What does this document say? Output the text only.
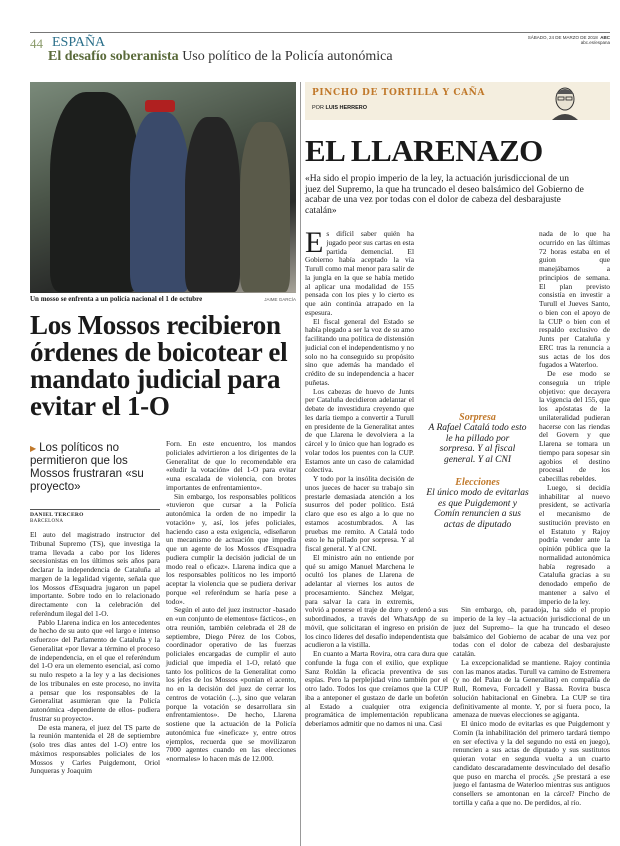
44 ESPAÑA
El desafío soberanista Uso político de la Policía autonómica
SÁBADO, 24 DE MARZO DE 2018 ABC
abc.es/espana
Un mosso se enfrenta a un policía nacional el 1 de octubre	JAIME GARCÍA
Los Mossos recibieron órdenes de boicotear el mandato judicial para evitar el 1-O
▶ Los políticos no permitieron que los Mossos frustraran «su proyecto»
DANIEL TERCERO
BARCELONA

El auto del magistrado instructor del Tribunal Supremo (TS), que investiga la trama llevada a cabo por los líderes secesionistas en los últimos seis años para declarar la independencia de Cataluña al margen de la legalidad vigente, señala que los Mossos d'Esquadra jugaron un papel importante. Sobre todo en lo relacionado directamente con la celebración del referéndum ilegal del 1-O.

Pablo Llarena indica en los antecedentes de hecho de su auto que «el largo e intenso esfuerzo» del Parlamento de Cataluña y la Generalitat «por llevar a término el proceso de independencia, en el que el referéndum del 1-O era un elemento esencial, así como su nulo respeto a la ley y a las decisiones de los tribunales en este proceso, no invita a pensar que los responsables de la Generalitat asumieran que la Policía autonómica -dependiente de ellos- pudiera frustrar su proyecto».

De esta manera, el juez del TS parte de la reunión mantenida el 28 de septiembre (solo tres días antes del 1-O) entre los máximos responsables policiales de los Mossos y Carles Puigdemont, Oriol Junqueras y Joaquim

Forn. En este encuentro, los mandos policiales advirtieron a los dirigentes de la Generalitat de que lo recomendable era «eludir la votación» del 1-O para evitar «una escalada de violencia, con brotes importantes de enfrentamiento».

Sin embargo, los responsables políticos «tuvieron que cursar a la Policía autonómica la orden de no impedir la votación» y, así, los jefes policiales, haciendo caso a esta exigencia, «diseñaron un mecanismo de actuación que impedía que un agente de los Mossos d'Esquadra pudiera cumplir la decisión judicial de un modo real o eficaz». Llarena indica que a los responsables políticos no les importó aceptar la violencia que se pudiera derivar porque «el referéndum se haría pese a todo».

Según el auto del juez instructor -basado en «un conjunto de elementos» fácticos-, en otra reunión, también celebrada el 28 de septiembre, Diego Pérez de los Cobos, coordinador operativo de las fuerzas policiales encargadas de cumplir el auto judicial que impedía el 1-O, relató que tanto los políticos de la Generalitat como los jefes de los Mossos «ponían el acento, no en la decisión del juez de cerrar los centros de votación (...), sino que velaran porque la votación se desarrollara sin enfrentamientos». De hecho, Llarena sostiene que la actuación de la Policía autonómica fue «ineficaz» y, entre otros ejemplos, recuerda que se movilizaron 7000 agentes cuando en las elecciones «normales» lo hacen más de 12.000.

PINCHO DE TORTILLA Y CAÑA
POR LUIS HERRERO
EL LLARENAZO
«Ha sido el propio imperio de la ley, la actuación jurisdiccional de un juez del Supremo, la que ha truncado el deseo balsámico del Gobierno de acabar de una vez por todas con el dolor de cabeza del desbarajuste catalán»

Es difícil saber quién ha jugado peor sus cartas en esta partida demencial. El Gobierno había aceptado la vía Turull como mal menor para salir de la jungla en la que se había metido al aplicar una modalidad de 155 pensada con los pies y lo cierto es que aún continúa atrapado en la espesura.

El fiscal general del Estado se había plegado a ser la voz de su amo facilitando una política de distensión judicial con el independentismo y no solo no ha conseguido su propósito sino que además ha mandado el crédito de su independencia a hacer puñetas.

Los cabezas de huevo de Junts per Cataluña decidieron adelantar el debate de investidura creyendo que les daría tiempo a convertir a Turull en presidente de la Generalitat antes de que Llarena le devolviera a la cárcel y lo único que han logrado es volar todos los puentes con la CUP. Estamos ante un caso de calamidad colectiva.

Y todo por la insólita decisión de unos jueces de hacer su trabajo sin prestarle demasiada atención a los susurros del poder político. Está claro que eso es algo a lo que no estamos acostumbrados. A las pruebas me remito. A Catalá todo esto le ha pillado por sorpresa. Y al fiscal general. Y al CNI.

El ministro aún no entiende por qué su amigo Manuel Marchena le ocultó los planes de Llarena de adelantar al viernes los autos de procesamiento. Sánchez Melgar, para salvar la cara in extremis, volvió a ponerse el traje de duro y ordenó a sus subordinados, a través del WhatsApp de su móvil, que solicitaran el ingreso en prisión de los cinco líderes del desafío independentista que acudieron a la vistilla.

En cuanto a Marta Rovira, otra cara dura que confunde la fuga con el exilio, que explique Sanz Roldán la eficacia preventiva de sus espías. Pero la perplejidad vino también por el otro lado. Todos los que creíamos que la CUP iba a anteponer el gustazo de darle un bofetón al Estado a cualquier otra exigencia programática de implementación republicana deberíamos admitir que no damos ni una. Casi

nada de lo que ha ocurrido en las últimas 72 horas estaba en el guion que manejábamos a principios de semana. El plan previsto consistía en investir a Turull el Jueves Santo, o bien con el apoyo de la CUP o bien con el respaldo exclusivo de Junts per Cataluña y ERC tras la renuncia a sus actas de los dos fugados a Waterloo.

De ese modo se conseguía un triple objetivo: que decayera la vigencia del 155, que los apóstatas de la unilateralidad pudieran hacerse con las riendas del Govern y que Llarena se tomara un tiempo para sopesar sin agobios el destino procesal de los cabecillas rebeldes.

Luego, si decidía inhabilitar al nuevo president, se activaría el mecanismo de sustitución previsto en el Estatuto y Rajoy podría vender ante la opinión pública que la normalidad autonómica había regresado a Cataluña gracias a su denodado empeño de mantener a salvo el imperio de la ley.

Sin embargo, oh, paradoja, ha sido el propio imperio de la ley –la actuación jurisdiccional de un juez del Supremo– la que ha truncado el deseo balsámico del Gobierno de acabar de una vez por todas con el dolor de cabeza del desbarajuste catalán.

La excepcionalidad se mantiene. Rajoy continúa con las manos atadas. Turull va camino de Estremera (y no del Palau de la Generalitat) en compañía de Rull, Romeva, Forcadell y Bassa. Rovira busca solución habitacional en Ginebra. La CUP se tira definitivamente al monte. Y, por si fuera poco, la amenaza de nuevas elecciones se agiganta.

El único modo de evitarlas es que Puigdemont y Comín (la inhabilitación del primero tardará tiempo en ser efectiva y la del segundo no está en juego), renuncien a sus actas de diputado y sus sustitutos quieran votar en segunda vuelta a un cuarto candidato descaradamente desvinculado del desafío que puso en marcha el procés. ¿Se prestará a ese juego el fantasma de Waterloo mientras sus antiguos consellers se amontonan en la cárcel? Pincho de tortilla y caña a que no. De perdidos, al río.

Sorpresa
A Rafael Catalá todo esto le ha pillado por sorpresa. Y al fiscal general. Y al CNI
Elecciones
El único modo de evitarlas es que Puigdemont y Comín renuncien a sus actas de diputado
